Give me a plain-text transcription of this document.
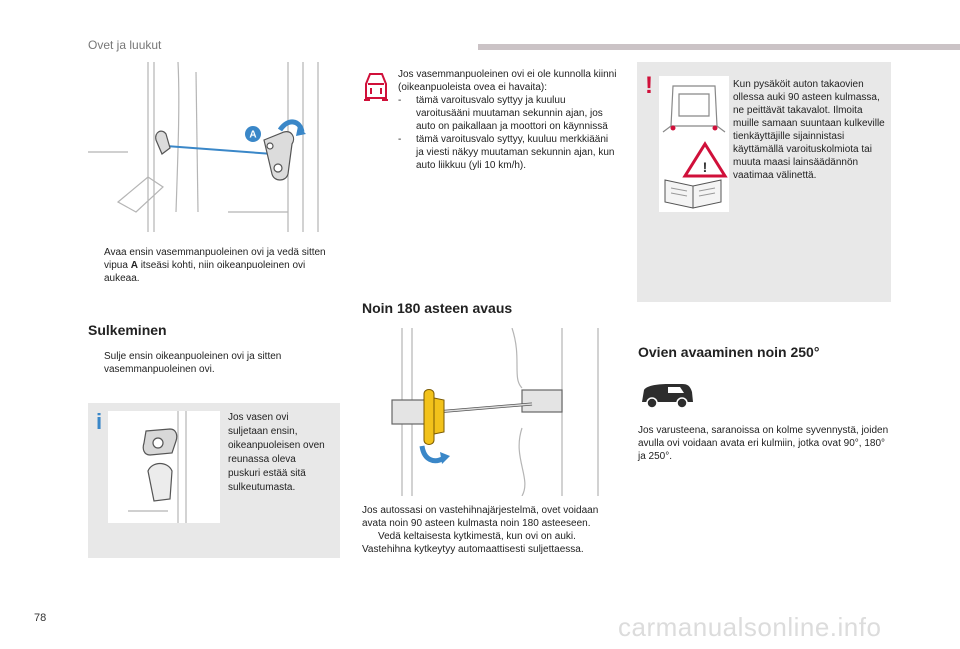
Ovet ja luukut
A
Avaa ensin vasemmanpuoleinen ovi ja vedä sitten vipua A itseäsi kohti, niin oikeanpuoleinen ovi aukeaa.
Sulkeminen
Sulje ensin oikeanpuoleinen ovi ja sitten vasemmanpuoleinen ovi.
i	Jos vasen ovi suljetaan ensin, oikeanpuoleisen oven reunassa oleva puskuri estää sitä sulkeutumasta.
Jos vasemmanpuoleinen ovi ei ole kunnolla kiinni (oikeanpuoleista ovea ei havaita):
-	tämä varoitusvalo syttyy ja kuuluu varoitusääni muutaman sekunnin ajan, jos auto on paikallaan ja moottori on käynnissä
-	tämä varoitusvalo syttyy, kuuluu merkkiääni ja viesti näkyy muutaman sekunnin ajan, kun auto liikkuu (yli 10 km/h).
Noin 180 asteen avaus
Jos autossasi on vastehihnajärjestelmä, ovet voidaan avata noin 90 asteen kulmasta noin 180 asteeseen.
Vedä keltaisesta kytkimestä, kun ovi on auki.
Vastehihna kytkeytyy automaattisesti suljettaessa.
!
!
Kun pysäköit auton takaovien ollessa auki 90 asteen kulmassa, ne peittävät takavalot. Ilmoita muille samaan suuntaan kulkeville tienkäyttäjille sijainnistasi käyttämällä varoituskolmiota tai muuta maasi lainsäädännön vaatimaa välinettä.
Ovien avaaminen noin 250°
Jos varusteena, saranoissa on kolme syvennystä, joiden avulla ovi voidaan avata eri kulmiin, jotka ovat 90°, 180° ja 250°.
78	carmanualsonline.info
